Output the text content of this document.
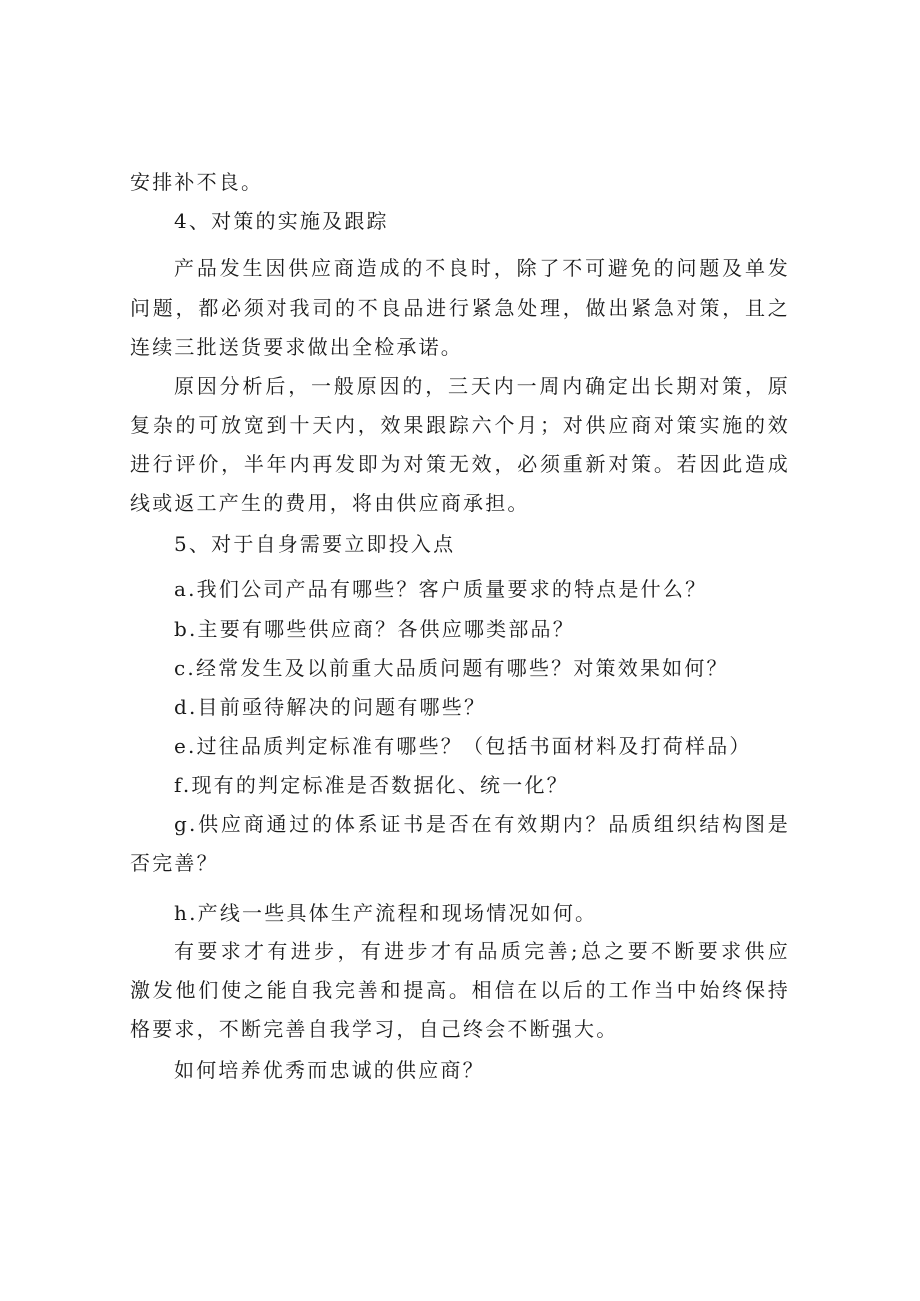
安排补不良。
4、对策的实施及跟踪
产品发生因供应商造成的不良时，除了不可避免的问题及单发
问题，都必须对我司的不良品进行紧急处理，做出紧急对策，且之
连续三批送货要求做出全检承诺。
原因分析后，一般原因的，三天内一周内确定出长期对策，原
复杂的可放宽到十天内，效果跟踪六个月；对供应商对策实施的效
进行评价，半年内再发即为对策无效，必须重新对策。若因此造成
线或返工产生的费用，将由供应商承担。
5、对于自身需要立即投入点
a.我们公司产品有哪些？客户质量要求的特点是什么？
b.主要有哪些供应商？各供应哪类部品？
c.经常发生及以前重大品质问题有哪些？对策效果如何？
d.目前亟待解决的问题有哪些？
e.过往品质判定标准有哪些？（包括书面材料及打荷样品）
f.现有的判定标准是否数据化、统一化？
g.供应商通过的体系证书是否在有效期内？品质组织结构图是
否完善？
h.产线一些具体生产流程和现场情况如何。
有要求才有进步，有进步才有品质完善;总之要不断要求供应
激发他们使之能自我完善和提高。相信在以后的工作当中始终保持
格要求，不断完善自我学习，自己终会不断强大。
如何培养优秀而忠诚的供应商？
